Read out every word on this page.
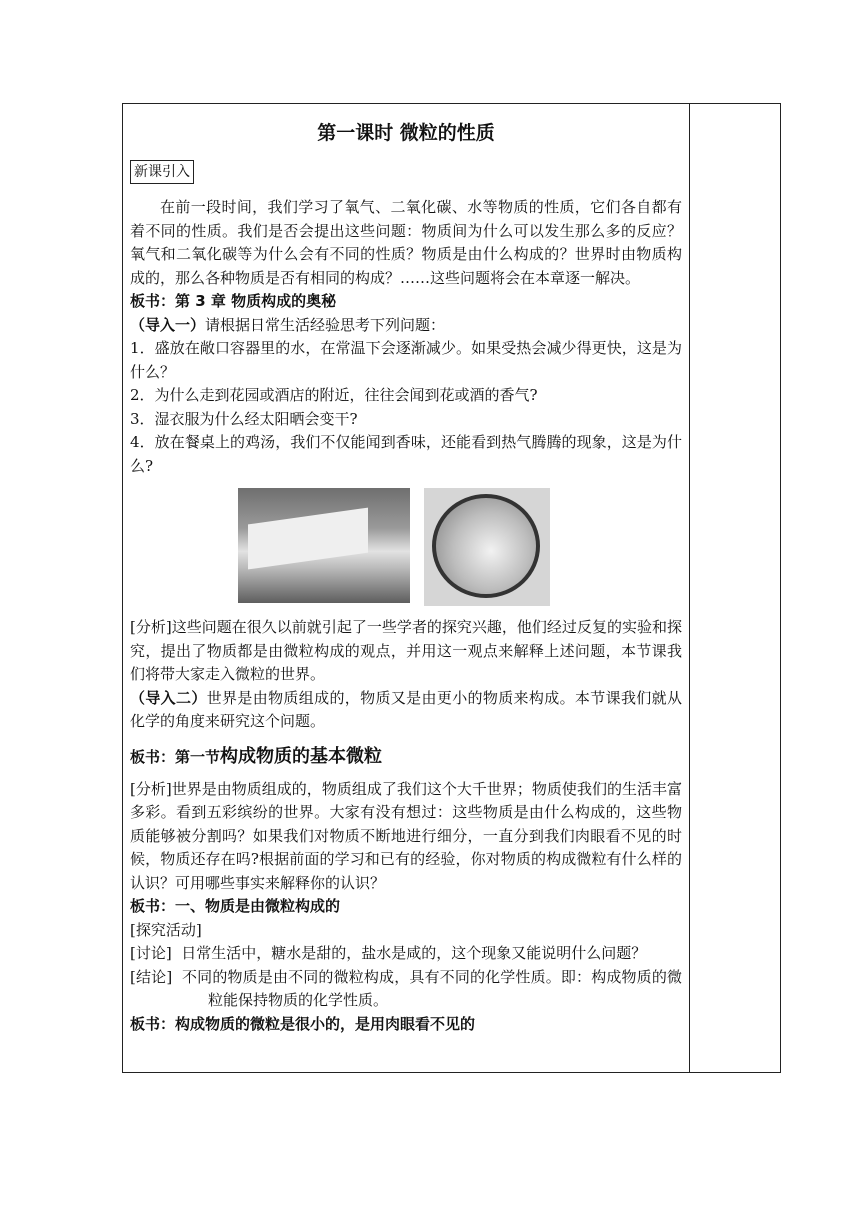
第一课时 微粒的性质
新课引入

在前一段时间，我们学习了氧气、二氧化碳、水等物质的性质，它们各自都有着不同的性质。我们是否会提出这些问题：物质间为什么可以发生那么多的反应？氧气和二氧化碳等为什么会有不同的性质？物质是由什么构成的？世界时由物质构成的，那么各种物质是否有相同的构成？……这些问题将会在本章逐一解决。

板书：第 3 章 物质构成的奥秘

（导入一）请根据日常生活经验思考下列问题：

1．盛放在敞口容器里的水，在常温下会逐渐减少。如果受热会减少得更快，这是为什么？

2．为什么走到花园或酒店的附近，往往会闻到花或酒的香气?

3．湿衣服为什么经太阳晒会变干?

4．放在餐桌上的鸡汤，我们不仅能闻到香味，还能看到热气腾腾的现象，这是为什么?

[分析]这些问题在很久以前就引起了一些学者的探究兴趣，他们经过反复的实验和探究，提出了物质都是由微粒构成的观点，并用这一观点来解释上述问题，本节课我们将带大家走入微粒的世界。

（导入二）世界是由物质组成的，物质又是由更小的物质来构成。本节课我们就从化学的角度来研究这个问题。

板书：第一节构成物质的基本微粒

[分析]世界是由物质组成的，物质组成了我们这个大千世界；物质使我们的生活丰富多彩。看到五彩缤纷的世界。大家有没有想过：这些物质是由什么构成的，这些物质能够被分割吗？如果我们对物质不断地进行细分，一直分到我们肉眼看不见的时候，物质还存在吗?根据前面的学习和已有的经验，你对物质的构成微粒有什么样的认识？可用哪些事实来解释你的认识？

板书：一、物质是由微粒构成的

[探究活动]

[讨论] 日常生活中，糖水是甜的，盐水是咸的，这个现象又能说明什么问题？

[结论] 不同的物质是由不同的微粒构成，具有不同的化学性质。即：构成物质的微粒能保持物质的化学性质。

板书：构成物质的微粒是很小的，是用肉眼看不见的
